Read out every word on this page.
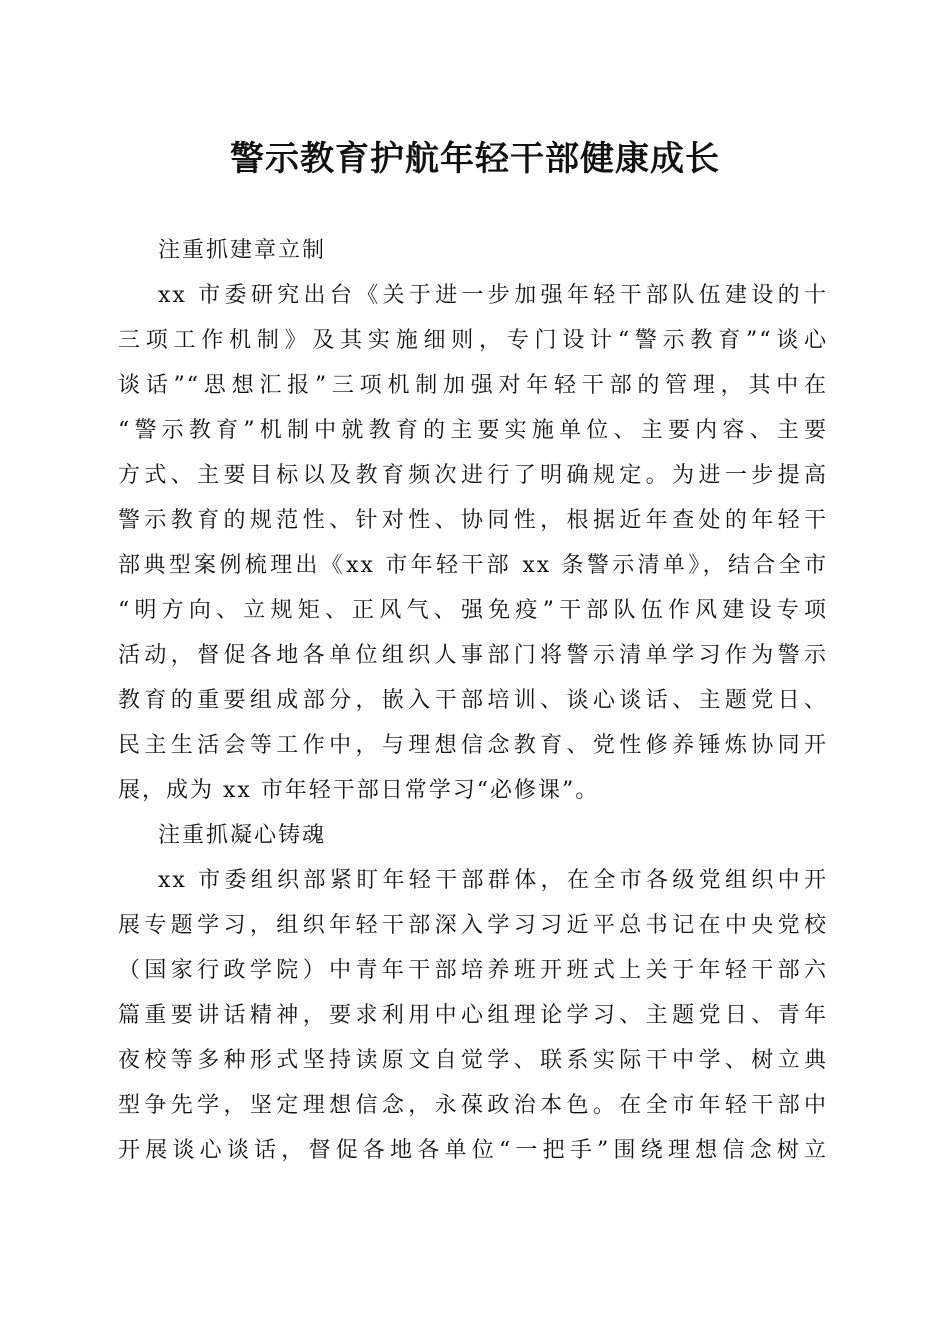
警示教育护航年轻干部健康成长

注重抓建章立制

xx 市委研究出台《关于进一步加强年轻干部队伍建设的十
三项工作机制》及其实施细则，专门设计“警示教育”“谈心
谈话”“思想汇报”三项机制加强对年轻干部的管理，其中在
“警示教育”机制中就教育的主要实施单位、主要内容、主要
方式、主要目标以及教育频次进行了明确规定。为进一步提高
警示教育的规范性、针对性、协同性，根据近年查处的年轻干
部典型案例梳理出《xx 市年轻干部 xx 条警示清单》，结合全市
“明方向、立规矩、正风气、强免疫”干部队伍作风建设专项
活动，督促各地各单位组织人事部门将警示清单学习作为警示
教育的重要组成部分，嵌入干部培训、谈心谈话、主题党日、
民主生活会等工作中，与理想信念教育、党性修养锤炼协同开
展，成为 xx 市年轻干部日常学习“必修课”。

注重抓凝心铸魂

xx 市委组织部紧盯年轻干部群体，在全市各级党组织中开
展专题学习，组织年轻干部深入学习习近平总书记在中央党校
（国家行政学院）中青年干部培养班开班式上关于年轻干部六
篇重要讲话精神，要求利用中心组理论学习、主题党日、青年
夜校等多种形式坚持读原文自觉学、联系实际干中学、树立典
型争先学，坚定理想信念，永葆政治本色。在全市年轻干部中
开展谈心谈话，督促各地各单位“一把手”围绕理想信念树立
